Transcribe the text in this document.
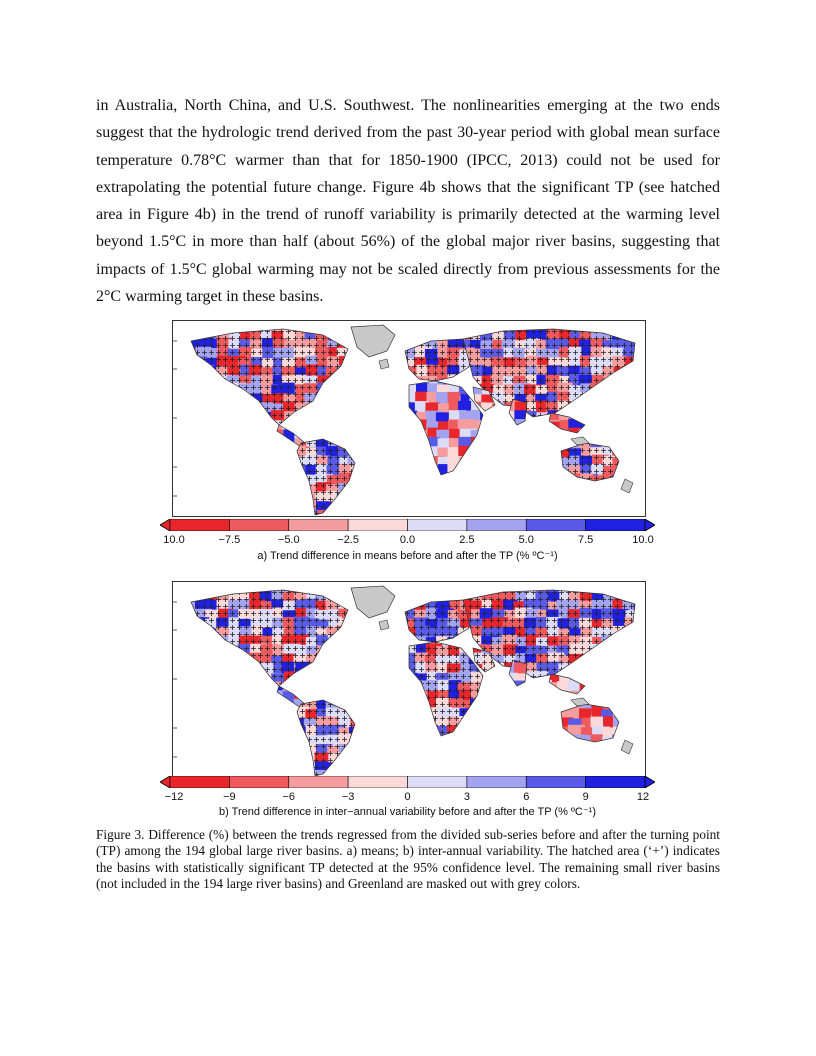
in Australia, North China, and U.S. Southwest. The nonlinearities emerging at the two ends
suggest that the hydrologic trend derived from the past 30-year period with global mean surface
temperature 0.78°C warmer than that for 1850-1900 (IPCC, 2013) could not be used for
extrapolating the potential future change. Figure 4b shows that the significant TP (see hatched
area in Figure 4b) in the trend of runoff variability is primarily detected at the warming level
beyond 1.5°C in more than half (about 56%) of the global major river basins, suggesting that
impacts of 1.5°C global warming may not be scaled directly from previous assessments for the
2°C warming target in these basins.
10.0	−7.5	−5.0	−2.5	0.0	2.5	5.0	7.5	10.0
a) Trend difference in means before and after the TP (% ºC⁻¹)
−12	−9	−6	−3	0	3	6	9	12
b) Trend difference in inter−annual variability before and after the TP (% ºC⁻¹)

Figure 3. Difference (%) between the trends regressed from the divided sub-series before and after the turning point (TP) among the 194 global large river basins. a) means; b) inter-annual variability. The hatched area (‘+’) indicates the basins with statistically significant TP detected at the 95% confidence level. The remaining small river basins (not included in the 194 large river basins) and Greenland are masked out with grey colors.
